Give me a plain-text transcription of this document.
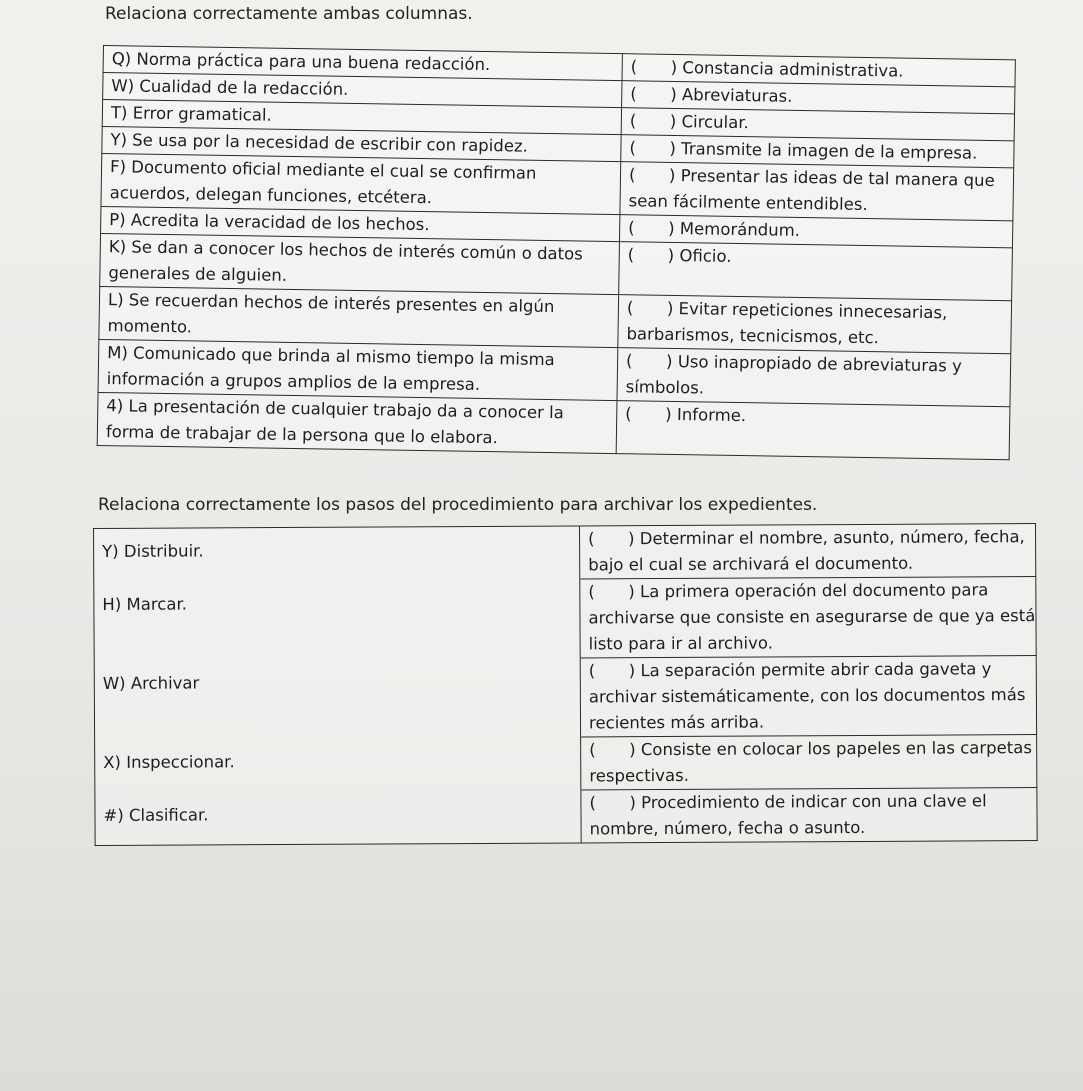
Relaciona correctamente ambas columnas.
Q) Norma práctica para una buena redacción.	( ) Constancia administrativa.

W) Cualidad de la redacción.	( ) Abreviaturas.

T) Error gramatical.	( ) Circular.

Y) Se usa por la necesidad de escribir con rapidez.	( ) Transmite la imagen de la empresa.

F) Documento oficial mediante el cual se confirman acuerdos, delegan funciones, etcétera.	( ) Presentar las ideas de tal manera que sean fácilmente entendibles.

P) Acredita la veracidad de los hechos.	( ) Memorándum.

K) Se dan a conocer los hechos de interés común o datos generales de alguien.	( ) Oficio.

L) Se recuerdan hechos de interés presentes en algún momento.	( ) Evitar repeticiones innecesarias, barbarismos, tecnicismos, etc.

M) Comunicado que brinda al mismo tiempo la misma información a grupos amplios de la empresa.	( ) Uso inapropiado de abreviaturas y símbolos.

4) La presentación de cualquier trabajo da a conocer la forma de trabajar de la persona que lo elabora.	( ) Informe.
Relaciona correctamente los pasos del procedimiento para archivar los expedientes.
Y) Distribuir.	( ) Determinar el nombre, asunto, número, fecha, bajo el cual se archivará el documento.

H) Marcar.	( ) La primera operación del documento para archivarse que consiste en asegurarse de que ya está listo para ir al archivo.

W) Archivar	( ) La separación permite abrir cada gaveta y archivar sistemáticamente, con los documentos más recientes más arriba.

X) Inspeccionar.	( ) Consiste en colocar los papeles en las carpetas respectivas.

#) Clasificar.	( ) Procedimiento de indicar con una clave el nombre, número, fecha o asunto.
